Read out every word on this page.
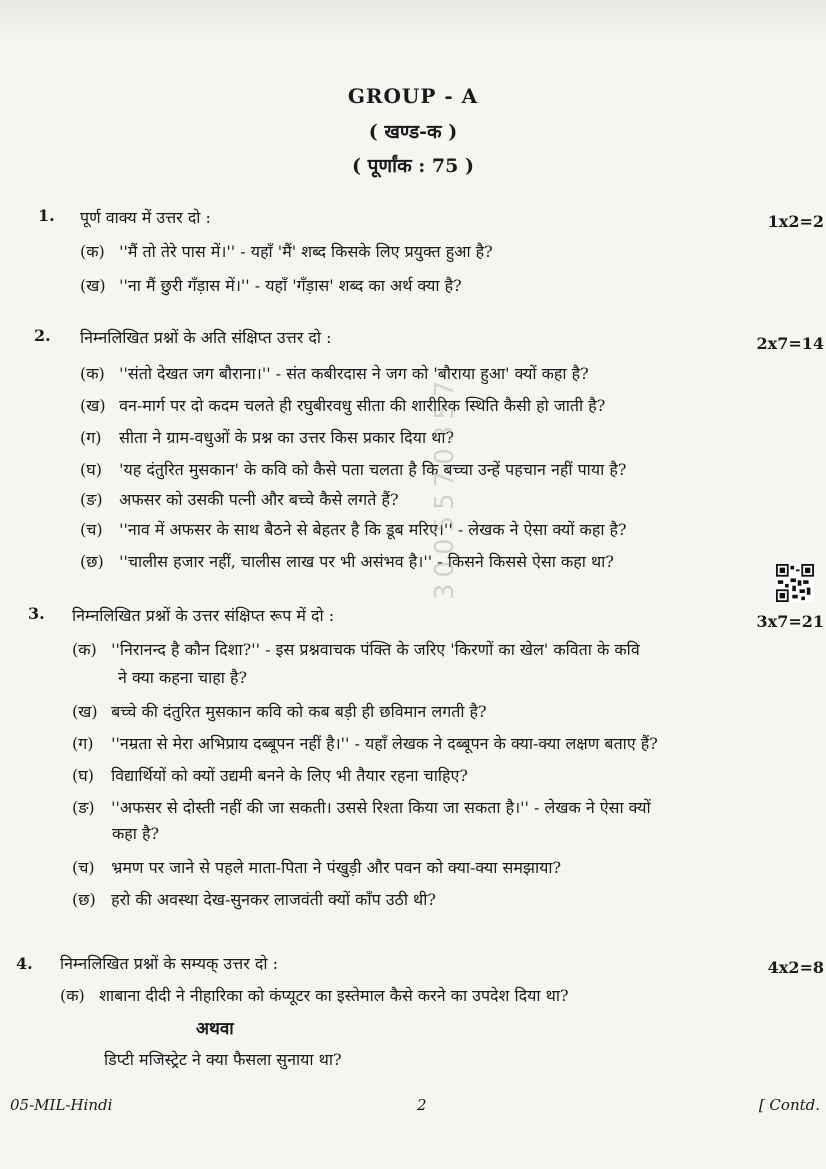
GROUP - A
( खण्ड-क )
( पूर्णांक : 75 )
1. पूर्ण वाक्य में उत्तर दो :	1x2=2
(क) ''मैं तो तेरे पास में।'' - यहाँ 'मैं' शब्द किसके लिए प्रयुक्त हुआ है?
(ख) ''ना मैं छुरी गँड़ास में।'' - यहाँ 'गँड़ास' शब्द का अर्थ क्या है?
2. निम्नलिखित प्रश्नों के अति संक्षिप्त उत्तर दो :	2x7=14
(क) ''संतो देखत जग बौराना।'' - संत कबीरदास ने जग को 'बौराया हुआ' क्यों कहा है?
(ख) वन-मार्ग पर दो कदम चलते ही रघुबीरवधु सीता की शारीरिक स्थिति कैसी हो जाती है?
(ग) सीता ने ग्राम-वधुओं के प्रश्न का उत्तर किस प्रकार दिया था?
(घ) 'यह दंतुरित मुसकान' के कवि को कैसे पता चलता है कि बच्चा उन्हें पहचान नहीं पाया है?
(ङ) अफसर को उसकी पत्नी और बच्चे कैसे लगते हैं?
(च) ''नाव में अफसर के साथ बैठने से बेहतर है कि डूब मरिए।'' - लेखक ने ऐसा क्यों कहा है?
(छ) ''चालीस हजार नहीं, चालीस लाख पर भी असंभव है।'' - किसने किससे ऐसा कहा था?
3. निम्नलिखित प्रश्नों के उत्तर संक्षिप्त रूप में दो :	3x7=21
(क) ''निरानन्द है कौन दिशा?'' - इस प्रश्नवाचक पंक्ति के जरिए 'किरणों का खेल' कविता के कवि
ने क्या कहना चाहा है?
(ख) बच्चे की दंतुरित मुसकान कवि को कब बड़ी ही छविमान लगती है?
(ग) ''नम्रता से मेरा अभिप्राय दब्बूपन नहीं है।'' - यहाँ लेखक ने दब्बूपन के क्या-क्या लक्षण बताए हैं?
(घ) विद्यार्थियों को क्यों उद्यमी बनने के लिए भी तैयार रहना चाहिए?
(ङ) ''अफसर से दोस्ती नहीं की जा सकती। उससे रिश्ता किया जा सकता है।'' - लेखक ने ऐसा क्यों
कहा है?
(च) भ्रमण पर जाने से पहले माता-पिता ने पंखुड़ी और पवन को क्या-क्या समझाया?
(छ) हरो की अवस्था देख-सुनकर लाजवंती क्यों काँप उठी थी?
4. निम्नलिखित प्रश्नों के सम्यक् उत्तर दो :	4x2=8
(क) शाबाना दीदी ने नीहारिका को कंप्यूटर का इस्तेमाल कैसे करने का उपदेश दिया था?
अथवा
डिप्टी मजिस्ट्रेट ने क्या फैसला सुनाया था?
3005570357
05-MIL-Hindi	2	[ Contd.
